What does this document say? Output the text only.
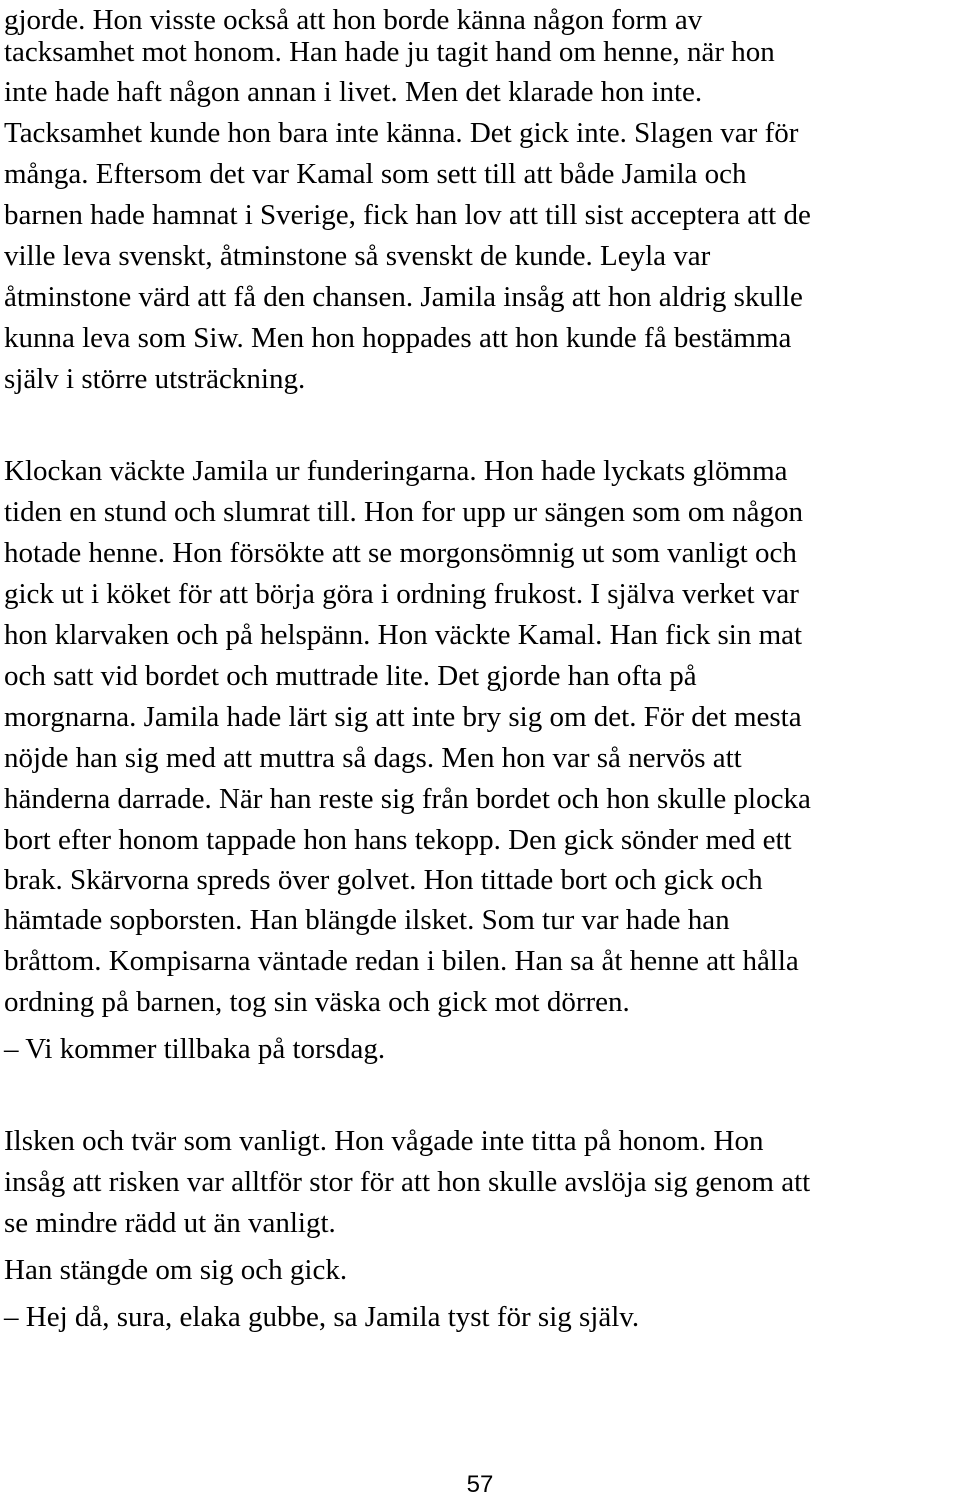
gjorde. Hon visste också att hon borde känna någon form av

tacksamhet mot honom. Han hade ju tagit hand om henne, när hon

inte hade haft någon annan i livet. Men det klarade hon inte.

Tacksamhet kunde hon bara inte känna. Det gick inte. Slagen var för

många. Eftersom det var Kamal som sett till att både Jamila och

barnen hade hamnat i Sverige, fick han lov att till sist acceptera att de

ville leva svenskt, åtminstone så svenskt de kunde. Leyla var

åtminstone värd att få den chansen. Jamila insåg att hon aldrig skulle

kunna leva som Siw. Men hon hoppades att hon kunde få bestämma

själv i större utsträckning.

Klockan väckte Jamila ur funderingarna. Hon hade lyckats glömma

tiden en stund och slumrat till. Hon for upp ur sängen som om någon

hotade henne. Hon försökte att se morgonsömnig ut som vanligt och

gick ut i köket för att börja göra i ordning frukost. I själva verket var

hon klarvaken och på helspänn. Hon väckte Kamal. Han fick sin mat

och satt vid bordet och muttrade lite. Det gjorde han ofta på

morgnarna. Jamila hade lärt sig att inte bry sig om det. För det mesta

nöjde han sig med att muttra så dags. Men hon var så nervös att

händerna darrade. När han reste sig från bordet och hon skulle plocka

bort efter honom tappade hon hans tekopp. Den gick sönder med ett

brak. Skärvorna spreds över golvet. Hon tittade bort och gick och

hämtade sopborsten. Han blängde ilsket. Som tur var hade han

bråttom. Kompisarna väntade redan i bilen. Han sa åt henne att hålla

ordning på barnen, tog sin väska och gick mot dörren.

– Vi kommer tillbaka på torsdag.

Ilsken och tvär som vanligt. Hon vågade inte titta på honom. Hon

insåg att risken var alltför stor för att hon skulle avslöja sig genom att

se mindre rädd ut än vanligt.

Han stängde om sig och gick.

– Hej då, sura, elaka gubbe, sa Jamila tyst för sig själv.

57
